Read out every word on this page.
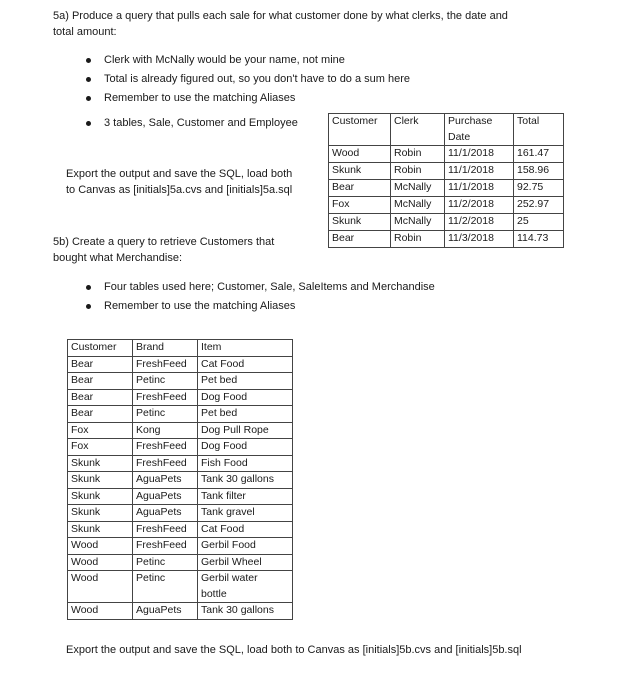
5a) Produce a query that pulls each sale for what customer done by what clerks, the date and

total amount:

Clerk with McNally would be your name, not mine
Total is already figured out, so you don't have to do a sum here
Remember to use the matching Aliases
3 tables, Sale, Customer and Employee	Customer	Clerk	Purchase
Date	Total
Wood	Robin	11/1/2018	161.47
Skunk	Robin	11/1/2018	158.96
Bear	McNally	11/1/2018	92.75
Fox	McNally	11/2/2018	252.97
Skunk	McNally	11/2/2018	25
Bear	Robin	11/3/2018	114.73

Export the output and save the SQL, load both

to Canvas as [initials]5a.cvs and [initials]5a.sql

5b) Create a query to retrieve Customers that

bought what Merchandise:

Four tables used here; Customer, Sale, SaleItems and Merchandise
Remember to use the matching Aliases
Customer	Brand	Item
Bear	FreshFeed	Cat Food
Bear	Petinc	Pet bed
Bear	FreshFeed	Dog Food
Bear	Petinc	Pet bed
Fox	Kong	Dog Pull Rope
Fox	FreshFeed	Dog Food
Skunk	FreshFeed	Fish Food
Skunk	AguaPets	Tank 30 gallons
Skunk	AguaPets	Tank filter
Skunk	AguaPets	Tank gravel
Skunk	FreshFeed	Cat Food
Wood	FreshFeed	Gerbil Food
Wood	Petinc	Gerbil Wheel
Wood	Petinc	Gerbil water
		bottle
Wood	AguaPets	Tank 30 gallons
Export the output and save the SQL, load both to Canvas as [initials]5b.cvs and [initials]5b.sql
